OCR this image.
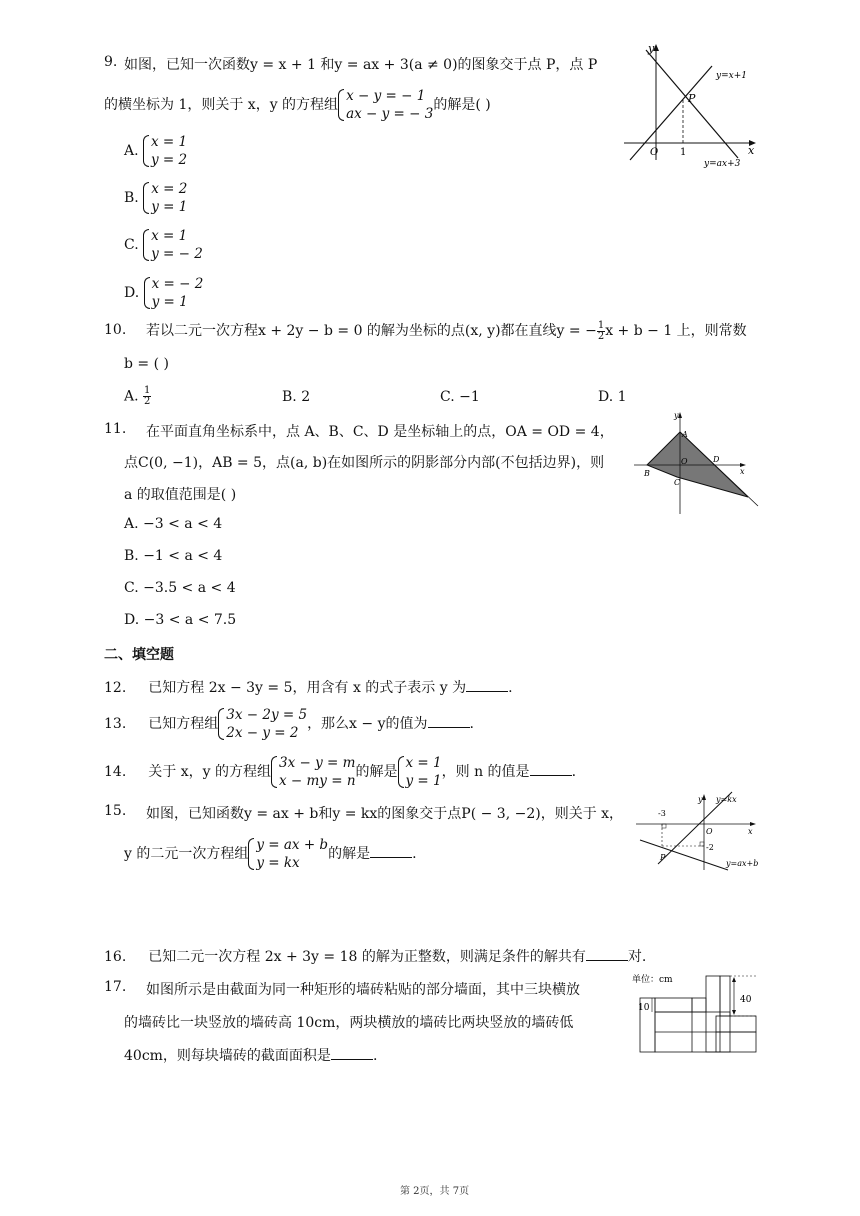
9. 如图，已知一次函数y = x + 1 和y = ax + 3(a ≠ 0)的图象交于点 P，点 P
的横坐标为 1，则关于 x，y 的方程组
x − y = − 1
ax − y = − 3
的解是( )
A.
x = 1
y = 2
B.
x = 2
y = 1
C.
x = 1
y = − 2
D.
x = − 2
y = 1
y
x
O 1
P
y=x+1
y=ax+3
10. 若以二元一次方程x + 2y − b = 0 的解为坐标的点(x, y)都在直线y = − $\frac{1}{2}$ x + b − 1 上，则常数
b = ( )
A. $\frac{1}{2}$	B. 2	C. −1	D. 1
11. 在平面直角坐标系中，点 A、B、C、D 是坐标轴上的点，OA = OD = 4，
点C(0, −1)，AB = 5，点(a, b)在如图所示的阴影部分内部(不包括边界)，则
a 的取值范围是( )
A. −3 < a < 4
B. −1 < a < 4
C. −3.5 < a < 4
D. −3 < a < 7.5
y
x
A
B
C
D
O
二、填空题
12. 已知方程 2x − 3y = 5，用含有 x 的式子表示 y 为	.
13. 已知方程组
3x − 2y = 5
2x − y = 2
，那么x − y的值为	.
14. 关于 x，y 的方程组
3x − y = m
x − my = n
的解是
x = 1
y = 1
，则 n 的值是	.
15. 如图，已知函数y = ax + b和y = kx的图象交于点P( − 3, −2)，则关于 x，
y 的二元一次方程组
y = ax + b
y = kx
的解是	.
-3
-2
y
x
O
P
y=kx
y=ax+b
16. 已知二元一次方程 2x + 3y = 18 的解为正整数，则满足条件的解共有	对.
17. 如图所示是由截面为同一种矩形的墙砖粘贴的部分墙面，其中三块横放
的墙砖比一块竖放的墙砖高 10cm，两块横放的墙砖比两块竖放的墙砖低
40cm，则每块墙砖的截面面积是	.
单位：cm
40
10
第 2页，共 7页
